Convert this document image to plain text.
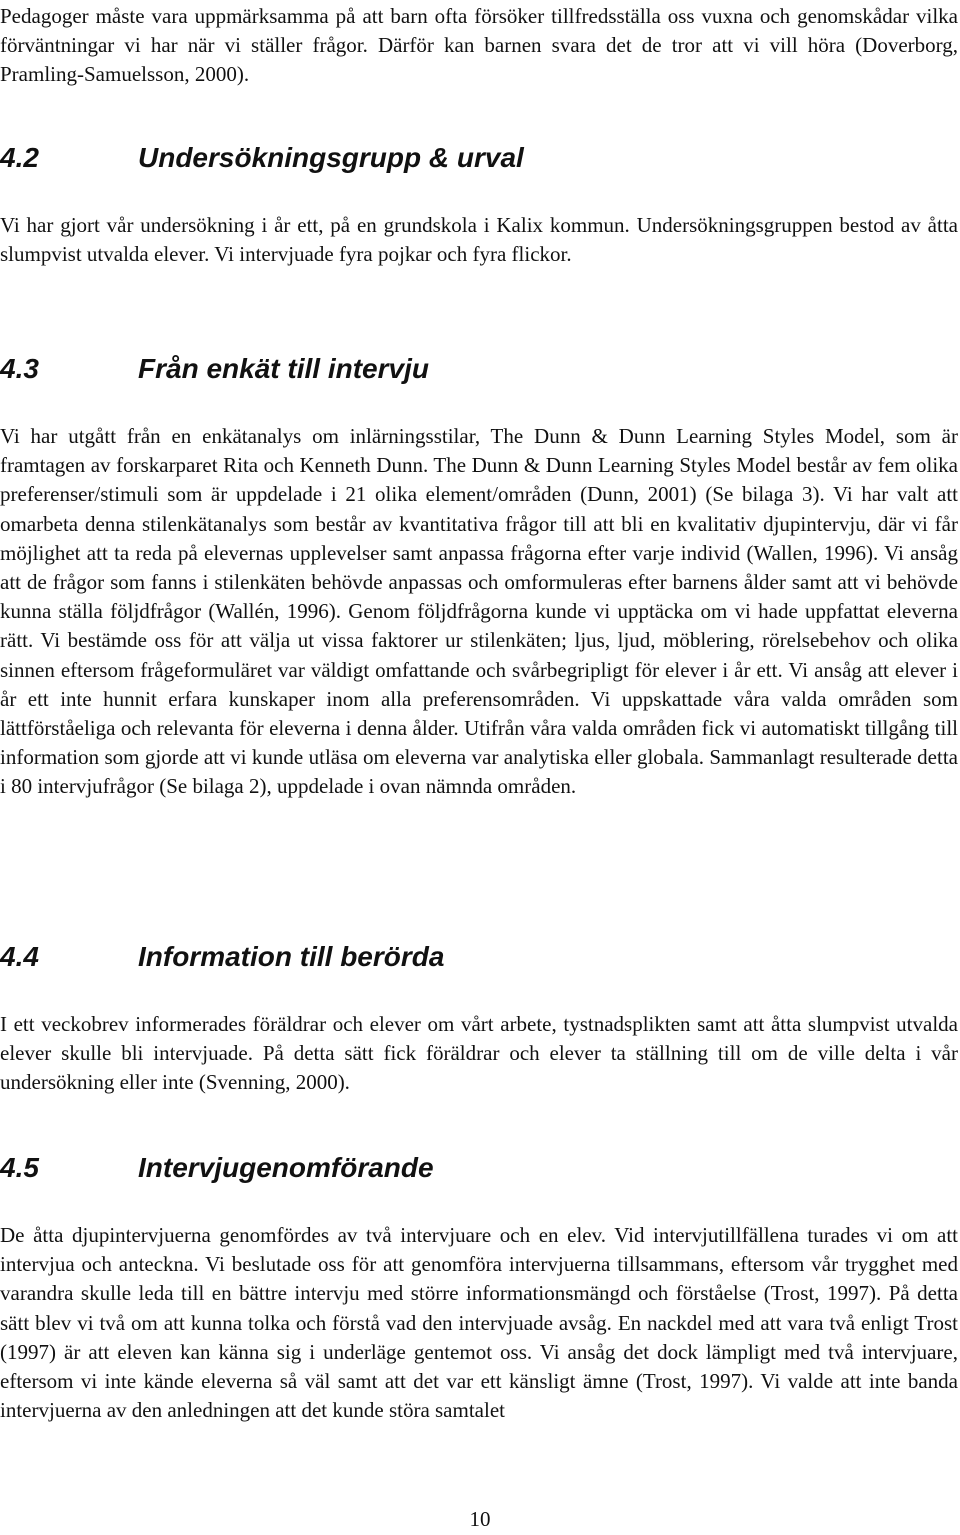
Pedagoger måste vara uppmärksamma på att barn ofta försöker tillfredsställa oss vuxna och genomskådar vilka förväntningar vi har när vi ställer frågor. Därför kan barnen svara det de tror att vi vill höra (Doverborg, Pramling-Samuelsson, 2000).

4.2	Undersökningsgrupp & urval

Vi har gjort vår undersökning i år ett, på en grundskola i Kalix kommun. Undersökningsgruppen bestod av åtta slumpvist utvalda elever. Vi intervjuade fyra pojkar och fyra flickor.

4.3	Från enkät till intervju

Vi har utgått från en enkätanalys om inlärningsstilar, The Dunn & Dunn Learning Styles Model, som är framtagen av forskarparet Rita och Kenneth Dunn. The Dunn & Dunn Learning Styles Model består av fem olika preferenser/stimuli som är uppdelade i 21 olika element/områden (Dunn, 2001) (Se bilaga 3). Vi har valt att omarbeta denna stilenkätanalys som består av kvantitativa frågor till att bli en kvalitativ djupintervju, där vi får möjlighet att ta reda på elevernas upplevelser samt anpassa frågorna efter varje individ (Wallen, 1996). Vi ansåg att de frågor som fanns i stilenkäten behövde anpassas och omformuleras efter barnens ålder samt att vi behövde kunna ställa följdfrågor (Wallén, 1996). Genom följdfrågorna kunde vi upptäcka om vi hade uppfattat eleverna rätt. Vi bestämde oss för att välja ut vissa faktorer ur stilenkäten; ljus, ljud, möblering, rörelsebehov och olika sinnen eftersom frågeformuläret var väldigt omfattande och svårbegripligt för elever i år ett. Vi ansåg att elever i år ett inte hunnit erfara kunskaper inom alla preferensområden. Vi uppskattade våra valda områden som lättförståeliga och relevanta för eleverna i denna ålder. Utifrån våra valda områden fick vi automatiskt tillgång till information som gjorde att vi kunde utläsa om eleverna var analytiska eller globala. Sammanlagt resulterade detta i 80 intervjufrågor (Se bilaga 2), uppdelade i ovan nämnda områden.

4.4	Information till berörda

I ett veckobrev informerades föräldrar och elever om vårt arbete, tystnadsplikten samt att åtta slumpvist utvalda elever skulle bli intervjuade. På detta sätt fick föräldrar och elever ta ställning till om de ville delta i vår undersökning eller inte (Svenning, 2000).

4.5	Intervjugenomförande

De åtta djupintervjuerna genomfördes av två intervjuare och en elev. Vid intervjutillfällena turades vi om att intervjua och anteckna. Vi beslutade oss för att genomföra intervjuerna tillsammans, eftersom vår trygghet med varandra skulle leda till en bättre intervju med större informationsmängd och förståelse (Trost, 1997). På detta sätt blev vi två om att kunna tolka och förstå vad den intervjuade avsåg. En nackdel med att vara två enligt Trost (1997) är att eleven kan känna sig i underläge gentemot oss. Vi ansåg det dock lämpligt med två intervjuare, eftersom vi inte kände eleverna så väl samt att det var ett känsligt ämne (Trost, 1997). Vi valde att inte banda intervjuerna av den anledningen att det kunde störa samtalet

10
